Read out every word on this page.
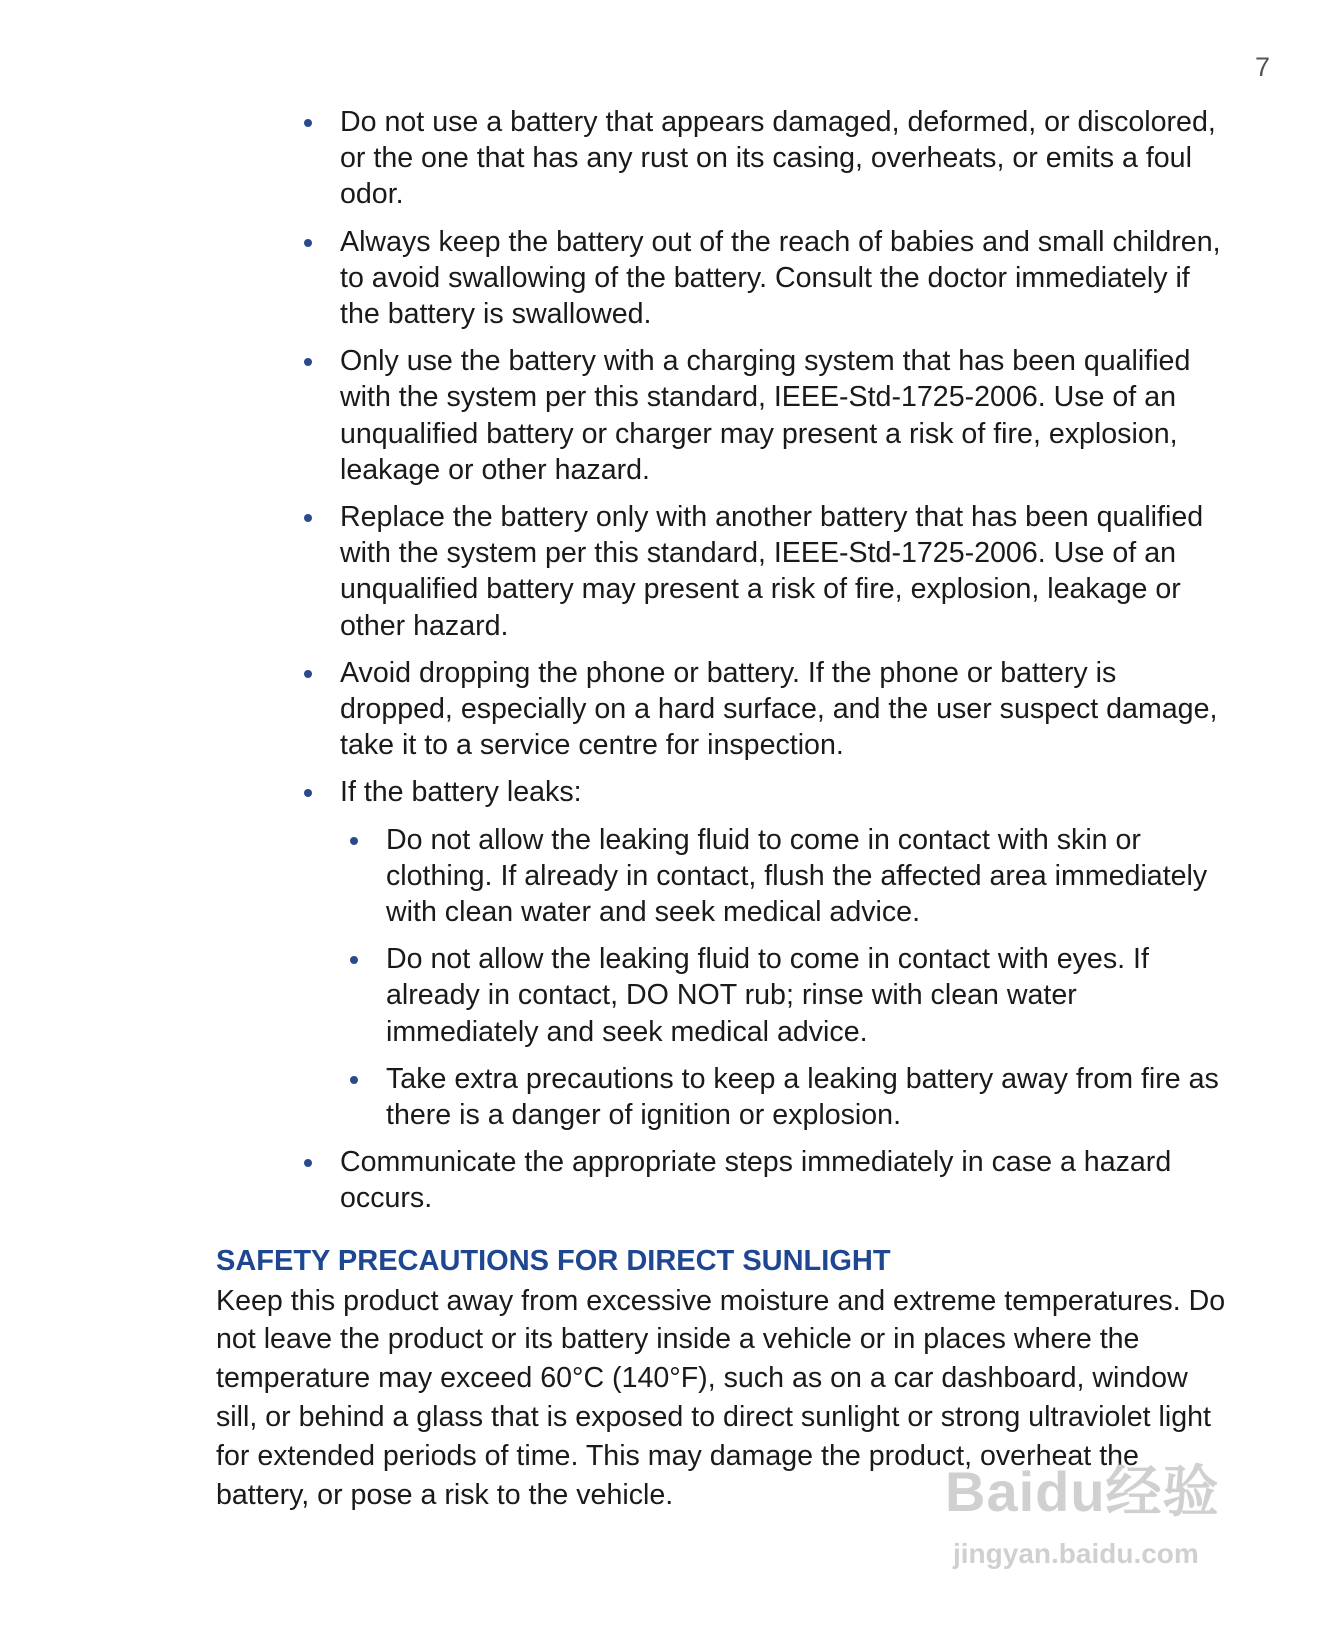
7
Do not use a battery that appears damaged, deformed, or discolored, or the one that has any rust on its casing, overheats, or emits a foul odor.
Always keep the battery out of the reach of babies and small children, to avoid swallowing of the battery. Consult the doctor immediately if the battery is swallowed.
Only use the battery with a charging system that has been qualified with the system per this standard, IEEE-Std-1725-2006. Use of an unqualified battery or charger may present a risk of fire, explosion, leakage or other hazard.
Replace the battery only with another battery that has been qualified with the system per this standard, IEEE-Std-1725-2006. Use of an unqualified battery may present a risk of fire, explosion, leakage or other hazard.
Avoid dropping the phone or battery. If the phone or battery is dropped, especially on a hard surface, and the user suspect damage, take it to a service centre for inspection.
If the battery leaks:
Do not allow the leaking fluid to come in contact with skin or clothing. If already in contact, flush the affected area immediately with clean water and seek medical advice.
Do not allow the leaking fluid to come in contact with eyes. If already in contact, DO NOT rub; rinse with clean water immediately and seek medical advice.
Take extra precautions to keep a leaking battery away from fire as there is a danger of ignition or explosion.
Communicate the appropriate steps immediately in case a hazard occurs.
SAFETY PRECAUTIONS FOR DIRECT SUNLIGHT

Keep this product away from excessive moisture and extreme temperatures. Do not leave the product or its battery inside a vehicle or in places where the temperature may exceed 60°C (140°F), such as on a car dashboard, window sill, or behind a glass that is exposed to direct sunlight or strong ultraviolet light for extended periods of time. This may damage the product, overheat the battery, or pose a risk to the vehicle.	Baidu经验
jingyan.baidu.com
